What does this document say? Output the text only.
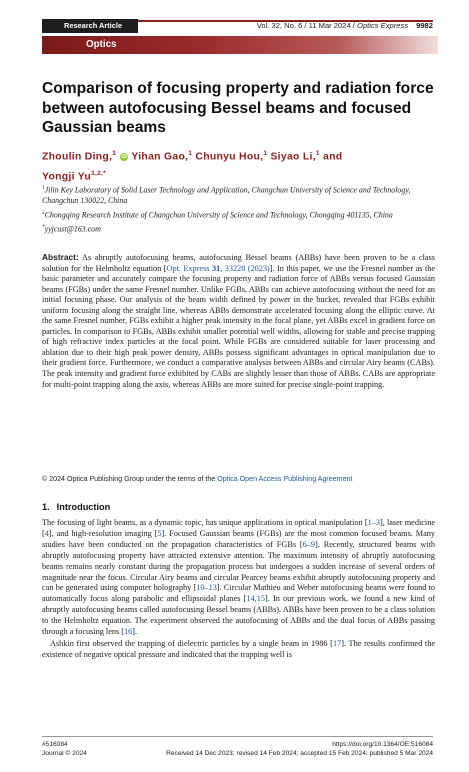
Research Article	Vol. 32, No. 6 / 11 Mar 2024 / Optics Express 9982
Optics
EXPRESS
Comparison of focusing property and radiation force between autofocusing Bessel beams and focused Gaussian beams
Zhoulin Ding,$^1$ iD Yihan Gao,$^1$ Chunyu Hou,$^1$ Siyao Li,$^1$ and
Yongji $Yu^{1,2,*}$

$^1$Jilin Key Laboratory of Solid Laser Technology and Application, Changchun University of Science and Technology, Changchun 130022, China

$^2$Chongqing Research Institute of Changchun University of Science and Technology, Chongqing 401135, China

*yyjcust@163.com

Abstract: As abruptly autofocusing beams, autofocusing Bessel beams (ABBs) have been proven to be a class solution for the Helmholtz equation [Opt. Express 31, 33228 (2023)]. In this paper, we use the Fresnel number as the basic parameter and accurately compare the focusing property and radiation force of ABBs versus focused Gaussian beams (FGBs) under the same Fresnel number. Unlike FGBs, ABBs can achieve autofocusing without the need for an initial focusing phase. Our analysis of the beam width defined by power in the bucket, revealed that FGBs exhibit uniform focusing along the straight line, whereas ABBs demonstrate accelerated focusing along the elliptic curve. At the same Fresnel number, FGBs exhibit a higher peak intensity in the focal plane, yet ABBs excel in gradient force on particles. In comparison to FGBs, ABBs exhibit smaller potential well widths, allowing for stable and precise trapping of high refractive index particles at the focal point. While FGBs are considered suitable for laser processing and ablation due to their high peak power density, ABBs possess significant advantages in optical manipulation due to their gradient force. Furthermore, we conduct a comparative analysis between ABBs and circular Airy beams (CABs). The peak intensity and gradient force exhibited by CABs are slightly lesser than those of ABBs. CABs are appropriate for multi-point trapping along the axis, whereas ABBs are more suited for precise single-point trapping.
© 2024 Optica Publishing Group under the terms of the Optica Open Access Publishing Agreement
1. Introduction

The focusing of light beams, as a dynamic topic, has unique applications in optical manipulation [1–3], laser medicine [4], and high-resolution imaging [5]. Focused Gaussian beams (FGBs) are the most common focused beams. Many studies have been conducted on the propagation characteristics of FGBs [6–9]. Recently, structured beams with abruptly autofocusing property have attracted extensive attention. The maximum intensity of abruptly autofocusing beams remains nearly constant during the propagation process but undergoes a sudden increase of several orders of magnitude near the focus. Circular Airy beams and circular Pearcey beams exhibit abruptly autofocusing property and can be generated using computer holography [10–13]. Circular Mathieu and Weber autofocusing beams were found to automatically focus along parabolic and ellipsoidal planes [14,15]. In our previous work, we found a new kind of abruptly autofocusing beams called autofocusing Bessel beams (ABBs). ABBs have been proven to be a class solution to the Helmholtz equation. The experiment observed the autofocusing of ABBs and the dual focus of ABBs passing through a focusing lens [16].

Ashkin first observed the trapping of dielectric particles by a single beam in 1986 [17]. The results confirmed the existence of negative optical pressure and indicated that the trapping well is

#516084
Journal © 2024
https://doi.org/10.1364/OE.516084
Received 14 Dec 2023; revised 14 Feb 2024; accepted 15 Feb 2024; published 5 Mar 2024
